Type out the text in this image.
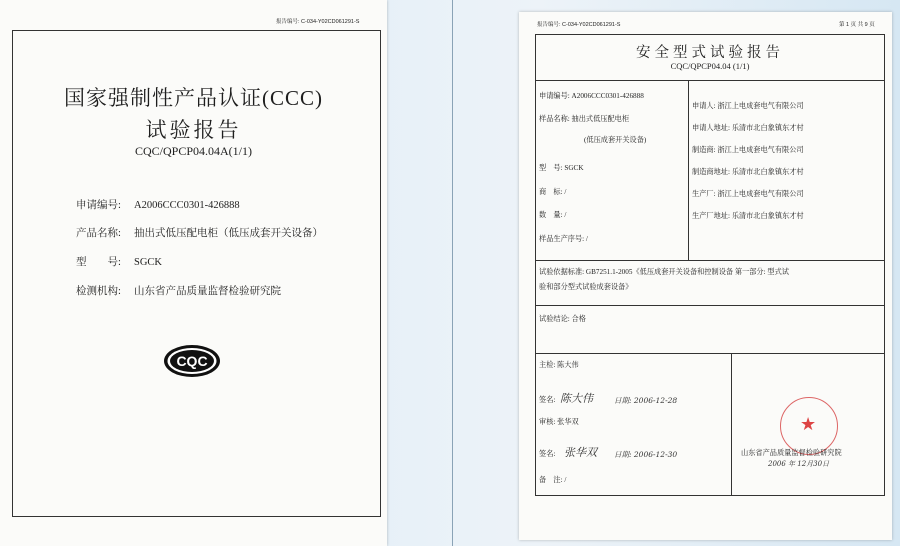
报告编号: C-034-Y02CD061291-S
国家强制性产品认证(CCC)
试验报告
CQC/QPCP04.04A(1/1)
申请编号: A2006CCC0301-426888
产品名称: 抽出式低压配电柜（低压成套开关设备）
型　　号: SGCK
检测机构: 山东省产品质量监督检验研究院
CQC
报告编号: C-034-Y02CD061291-S	第 1 页 共 9 页
安全型式试验报告
CQC/QPCP04.04 (1/1)
申请编号: A2006CCC0301-426888
样品名称: 抽出式低压配电柜
(低压成套开关设备)
型　号: SGCK
商　标: /
数　量: /
样品生产序号: /
申请人: 浙江上电成套电气有限公司
申请人地址: 乐清市北白象镇东才村
制造商: 浙江上电成套电气有限公司
制造商地址: 乐清市北白象镇东才村
生产厂: 浙江上电成套电气有限公司
生产厂地址: 乐清市北白象镇东才村
试验依据标准: GB7251.1-2005《低压成套开关设备和控制设备 第一部分: 型式试
验和部分型式试验成套设备》
试验结论: 合格
主检: 陈大伟
签名: 陈大伟	日期: 2006-12-28
审核: 张华双
签名: 张华双 日期: 2006-12-30
备　注: /
★
山东省产品质量监督检验研究院
2006 年 12月30日
